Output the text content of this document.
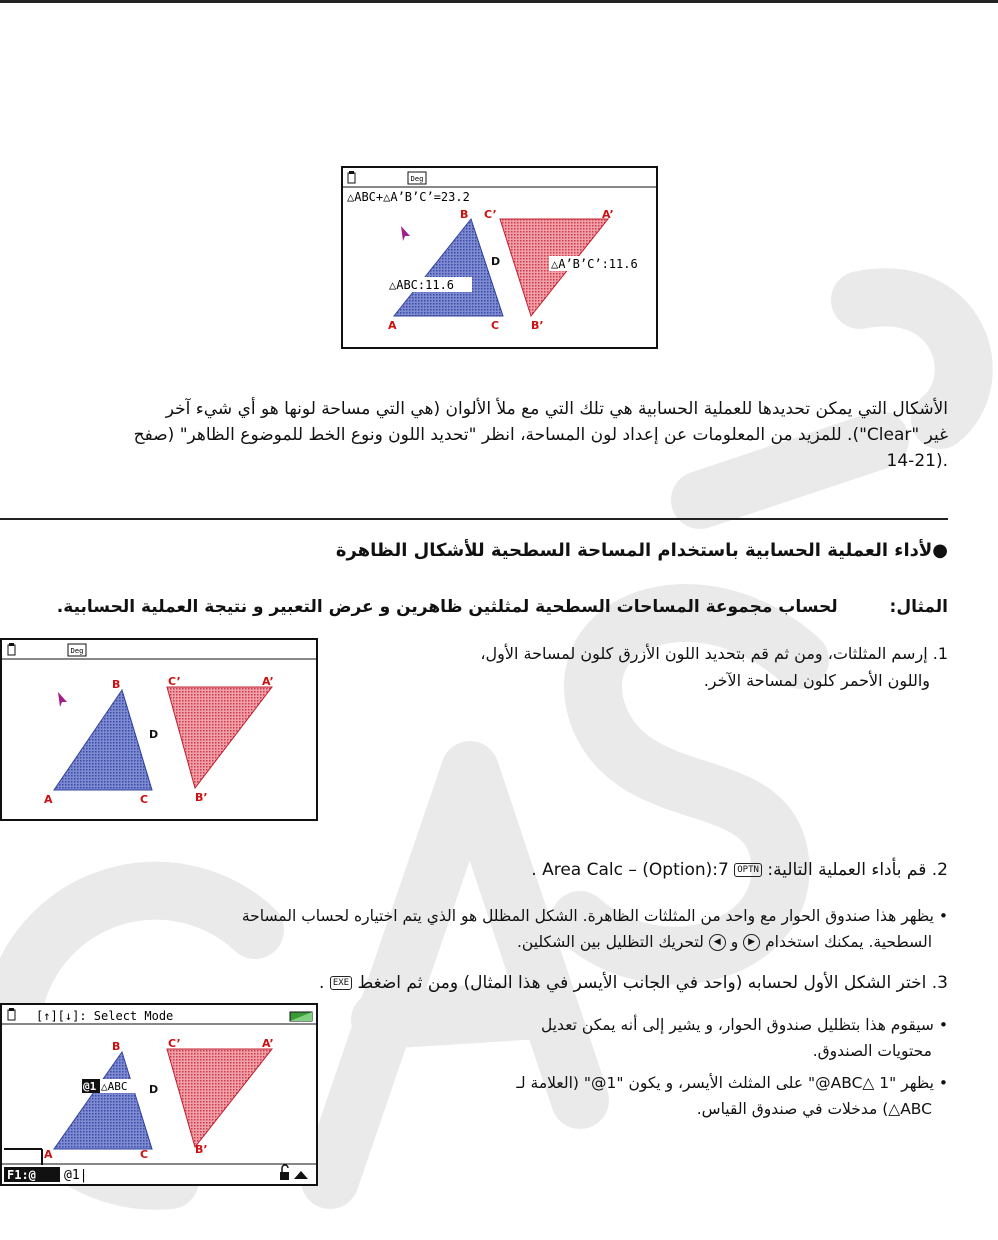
Deg
△ABC+△A’B’C’=23.2
△ABC:11.6
△A’B’C’:11.6
B C’	A’
D
A	C	B’
الأشكال التي يمكن تحديدها للعملية الحسابية هي تلك التي مع ملأ الألوان (هي التي مساحة لونها هو أي شيء آخر
غير "Clear"). للمزيد من المعلومات عن إعداد لون المساحة، انظر "تحديد اللون ونوع الخط للموضوع الظاهر" (صفح
.(14-21
●لأداء العملية الحسابية باستخدام المساحة السطحية للأشكال الظاهرة
المثال:  لحساب مجموعة المساحات السطحية لمثلثين ظاهرين و عرض التعبير و نتيجة العملية الحسابية.
1. إرسم المثلثات، ومن ثم قم بتحديد اللون الأزرق كلون لمساحة الأول،
واللون الأحمر كلون لمساحة الآخر.
Deg
B	C’	A’
D
A	C	B’
2. قم بأداء العملية التالية: OPTN 7:Area Calc – (Option) .
• يظهر هذا صندوق الحوار مع واحد من المثلثات الظاهرة. الشكل المظلل هو الذي يتم اختياره لحساب المساحة
السطحية. يمكنك استخدام ▶ و ◀ لتحريك التظليل بين الشكلين.
3. اختر الشكل الأول لحسابه (واحد في الجانب الأيسر في هذا المثال) ومن ثم اضغط EXE .
• سيقوم هذا بتظليل صندوق الحوار، و يشير إلى أنه يمكن تعديل
محتويات الصندوق.
• يظهر "ABC△ 1@" على المثلث الأيسر، و يكون "1@" (العلامة لـ
ABC△) مدخلات في صندوق القياس.
[↑][↓]: Select Mode
@1 △ABC
B	C’	A’
D
A	C	B’
F1:@ @1|
